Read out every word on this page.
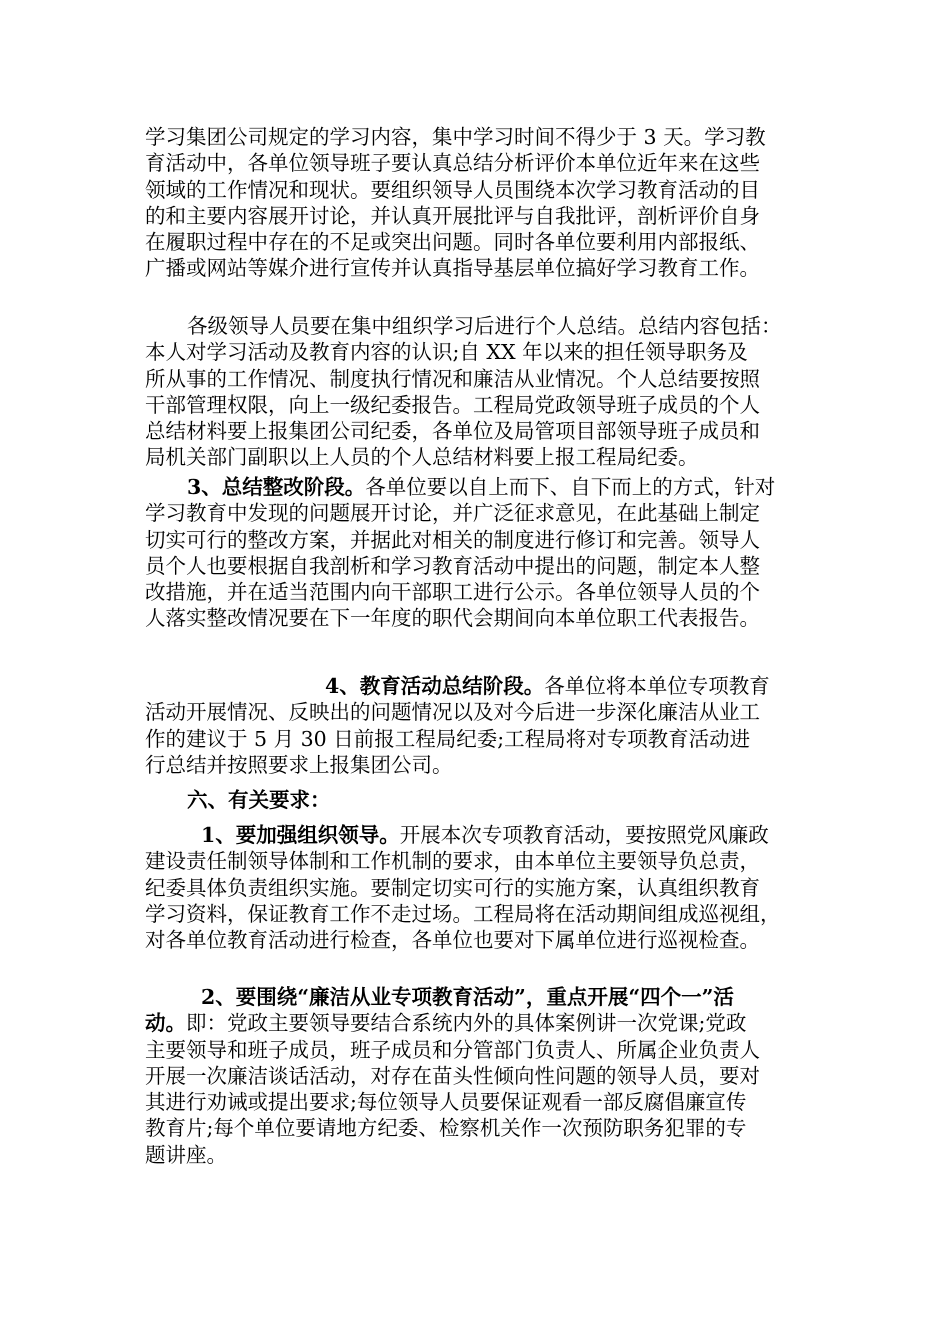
学习集团公司规定的学习内容，集中学习时间不得少于 3 天。学习教
育活动中，各单位领导班子要认真总结分析评价本单位近年来在这些
领域的工作情况和现状。要组织领导人员围绕本次学习教育活动的目
的和主要内容展开讨论，并认真开展批评与自我批评，剖析评价自身
在履职过程中存在的不足或突出问题。同时各单位要利用内部报纸、
广播或网站等媒介进行宣传并认真指导基层单位搞好学习教育工作。
各级领导人员要在集中组织学习后进行个人总结。总结内容包括：
本人对学习活动及教育内容的认识;自 XX 年以来的担任领导职务及
所从事的工作情况、制度执行情况和廉洁从业情况。个人总结要按照
干部管理权限，向上一级纪委报告。工程局党政领导班子成员的个人
总结材料要上报集团公司纪委，各单位及局管项目部领导班子成员和
局机关部门副职以上人员的个人总结材料要上报工程局纪委。
3、总结整改阶段。各单位要以自上而下、自下而上的方式，针对
学习教育中发现的问题展开讨论，并广泛征求意见，在此基础上制定
切实可行的整改方案，并据此对相关的制度进行修订和完善。领导人
员个人也要根据自我剖析和学习教育活动中提出的问题，制定本人整
改措施，并在适当范围内向干部职工进行公示。各单位领导人员的个
人落实整改情况要在下一年度的职代会期间向本单位职工代表报告。
4、教育活动总结阶段。各单位将本单位专项教育
活动开展情况、反映出的问题情况以及对今后进一步深化廉洁从业工
作的建议于 5 月 30 日前报工程局纪委;工程局将对专项教育活动进
行总结并按照要求上报集团公司。
六、有关要求：
1、要加强组织领导。开展本次专项教育活动，要按照党风廉政
建设责任制领导体制和工作机制的要求，由本单位主要领导负总责，
纪委具体负责组织实施。要制定切实可行的实施方案，认真组织教育
学习资料，保证教育工作不走过场。工程局将在活动期间组成巡视组，
对各单位教育活动进行检查，各单位也要对下属单位进行巡视检查。
2、要围绕“廉洁从业专项教育活动”，重点开展“四个一”活
动。即：党政主要领导要结合系统内外的具体案例讲一次党课;党政
主要领导和班子成员，班子成员和分管部门负责人、所属企业负责人
开展一次廉洁谈话活动，对存在苗头性倾向性问题的领导人员，要对
其进行劝诫或提出要求;每位领导人员要保证观看一部反腐倡廉宣传
教育片;每个单位要请地方纪委、检察机关作一次预防职务犯罪的专
题讲座。
